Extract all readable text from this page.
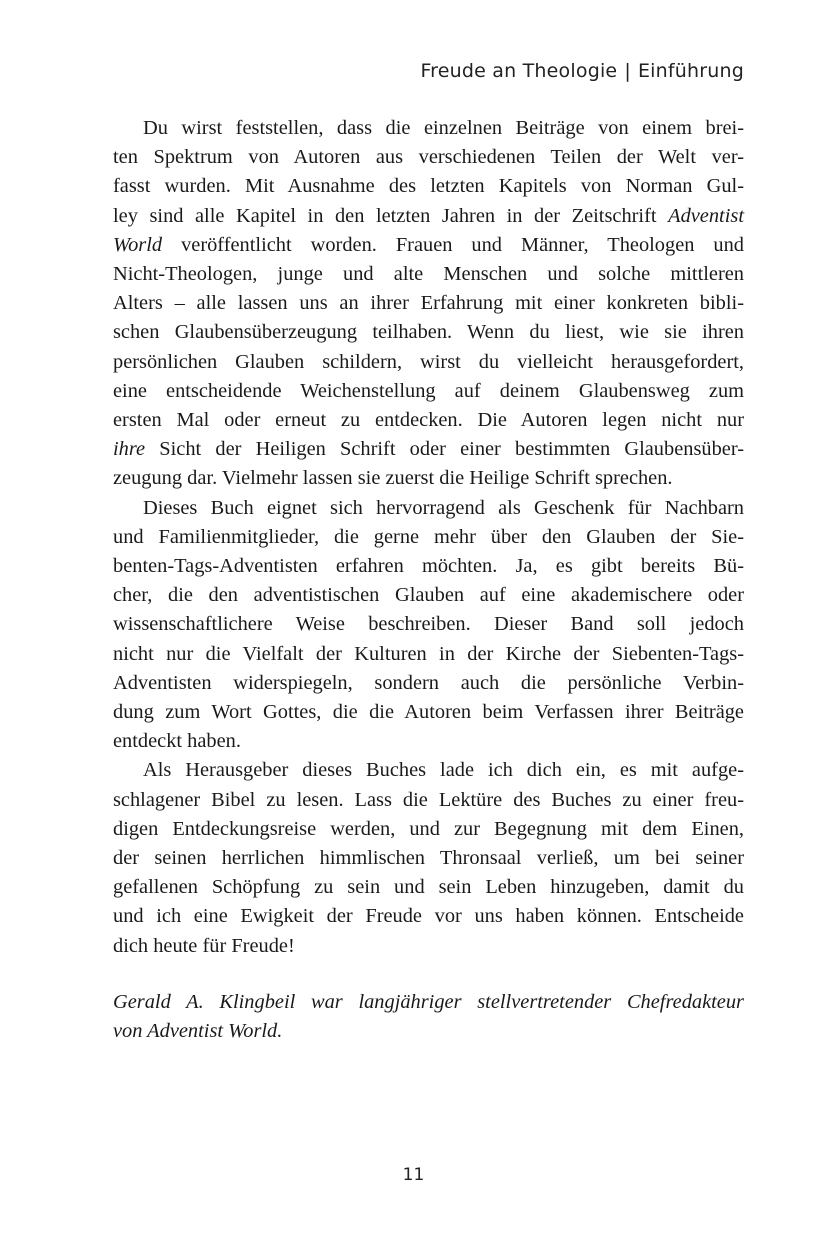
Freude an Theologie | Einführung
Du wirst feststellen, dass die einzelnen Beiträge von einem brei-
ten Spektrum von Autoren aus verschiedenen Teilen der Welt ver-
fasst wurden. Mit Ausnahme des letzten Kapitels von Norman Gul-
ley sind alle Kapitel in den letzten Jahren in der Zeitschrift Adventist
World veröffentlicht worden. Frauen und Männer, Theologen und
Nicht-Theologen, junge und alte Menschen und solche mittleren
Alters – alle lassen uns an ihrer Erfahrung mit einer konkreten bibli-
schen Glaubensüberzeugung teilhaben. Wenn du liest, wie sie ihren
persönlichen Glauben schildern, wirst du vielleicht herausgefordert,
eine entscheidende Weichenstellung auf deinem Glaubensweg zum
ersten Mal oder erneut zu entdecken. Die Autoren legen nicht nur
ihre Sicht der Heiligen Schrift oder einer bestimmten Glaubensüber-
zeugung dar. Vielmehr lassen sie zuerst die Heilige Schrift sprechen.
Dieses Buch eignet sich hervorragend als Geschenk für Nachbarn
und Familienmitglieder, die gerne mehr über den Glauben der Sie-
benten-Tags-Adventisten erfahren möchten. Ja, es gibt bereits Bü-
cher, die den adventistischen Glauben auf eine akademischere oder
wissenschaftlichere Weise beschreiben. Dieser Band soll jedoch
nicht nur die Vielfalt der Kulturen in der Kirche der Siebenten-Tags-
Adventisten widerspiegeln, sondern auch die persönliche Verbin-
dung zum Wort Gottes, die die Autoren beim Verfassen ihrer Beiträge
entdeckt haben.
Als Herausgeber dieses Buches lade ich dich ein, es mit aufge-
schlagener Bibel zu lesen. Lass die Lektüre des Buches zu einer freu-
digen Entdeckungsreise werden, und zur Begegnung mit dem Einen,
der seinen herrlichen himmlischen Thronsaal verließ, um bei seiner
gefallenen Schöpfung zu sein und sein Leben hinzugeben, damit du
und ich eine Ewigkeit der Freude vor uns haben können. Entscheide
dich heute für Freude!
Gerald A. Klingbeil war langjähriger stellvertretender Chefredakteur
von Adventist World.
11
